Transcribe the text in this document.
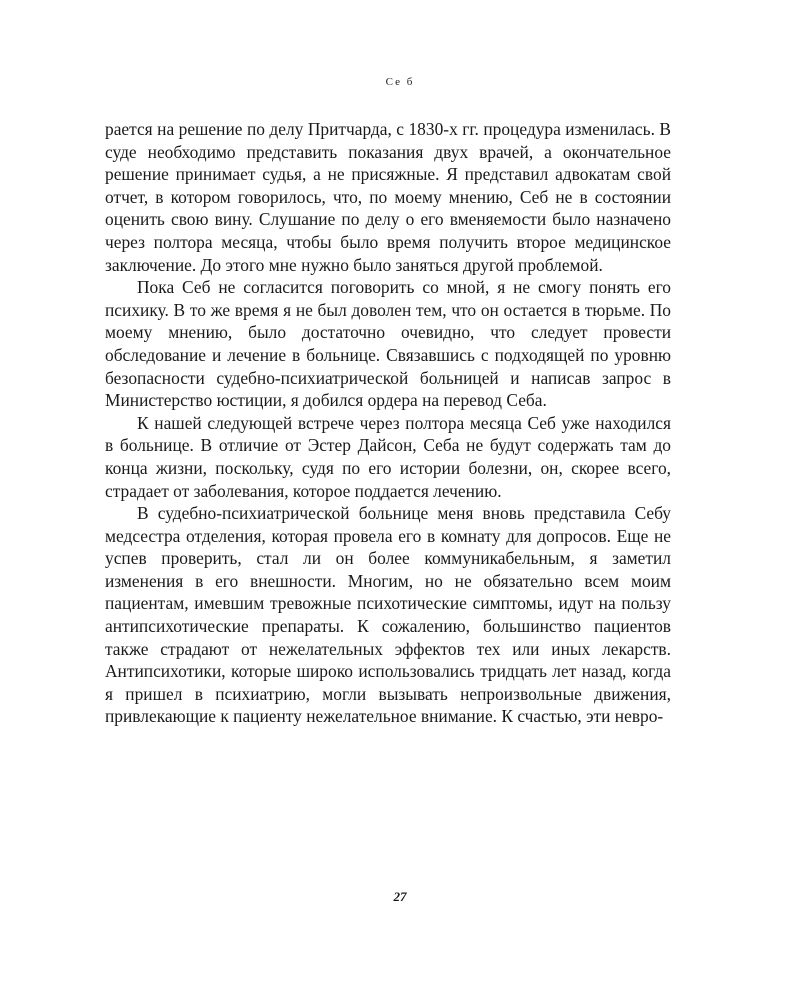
Се б

рается на решение по делу Притчарда, с 1830-х гг. процедура изменилась. В суде необходимо представить показания двух врачей, а окончательное решение принимает судья, а не присяжные. Я представил адвокатам свой отчет, в котором говорилось, что, по моему мнению, Себ не в состоянии оценить свою вину. Слушание по делу о его вменяемости было назначено через полтора месяца, чтобы было время получить второе медицинское заключение. До этого мне нужно было заняться другой проблемой.

Пока Себ не согласится поговорить со мной, я не смогу понять его психику. В то же время я не был доволен тем, что он остается в тюрьме. По моему мнению, было достаточно очевидно, что следует провести обследование и лечение в больнице. Связавшись с подходящей по уровню безопасности судебно-психиатрической больницей и написав запрос в Министерство юстиции, я добился ордера на перевод Себа.

К нашей следующей встрече через полтора месяца Себ уже находился в больнице. В отличие от Эстер Дайсон, Себа не будут содержать там до конца жизни, поскольку, судя по его истории болезни, он, скорее всего, страдает от заболевания, которое поддается лечению.

В судебно-психиатрической больнице меня вновь представила Себу медсестра отделения, которая провела его в комнату для допросов. Еще не успев проверить, стал ли он более коммуникабельным, я заметил изменения в его внешности. Многим, но не обязательно всем моим пациентам, имевшим тревожные психотические симптомы, идут на пользу антипсихотические препараты. К сожалению, большинство пациентов также страдают от нежелательных эффектов тех или иных лекарств. Антипсихотики, которые широко использовались тридцать лет назад, когда я пришел в психиатрию, могли вызывать непроизвольные движения, привлекающие к пациенту нежелательное внимание. К счастью, эти невро-

27
